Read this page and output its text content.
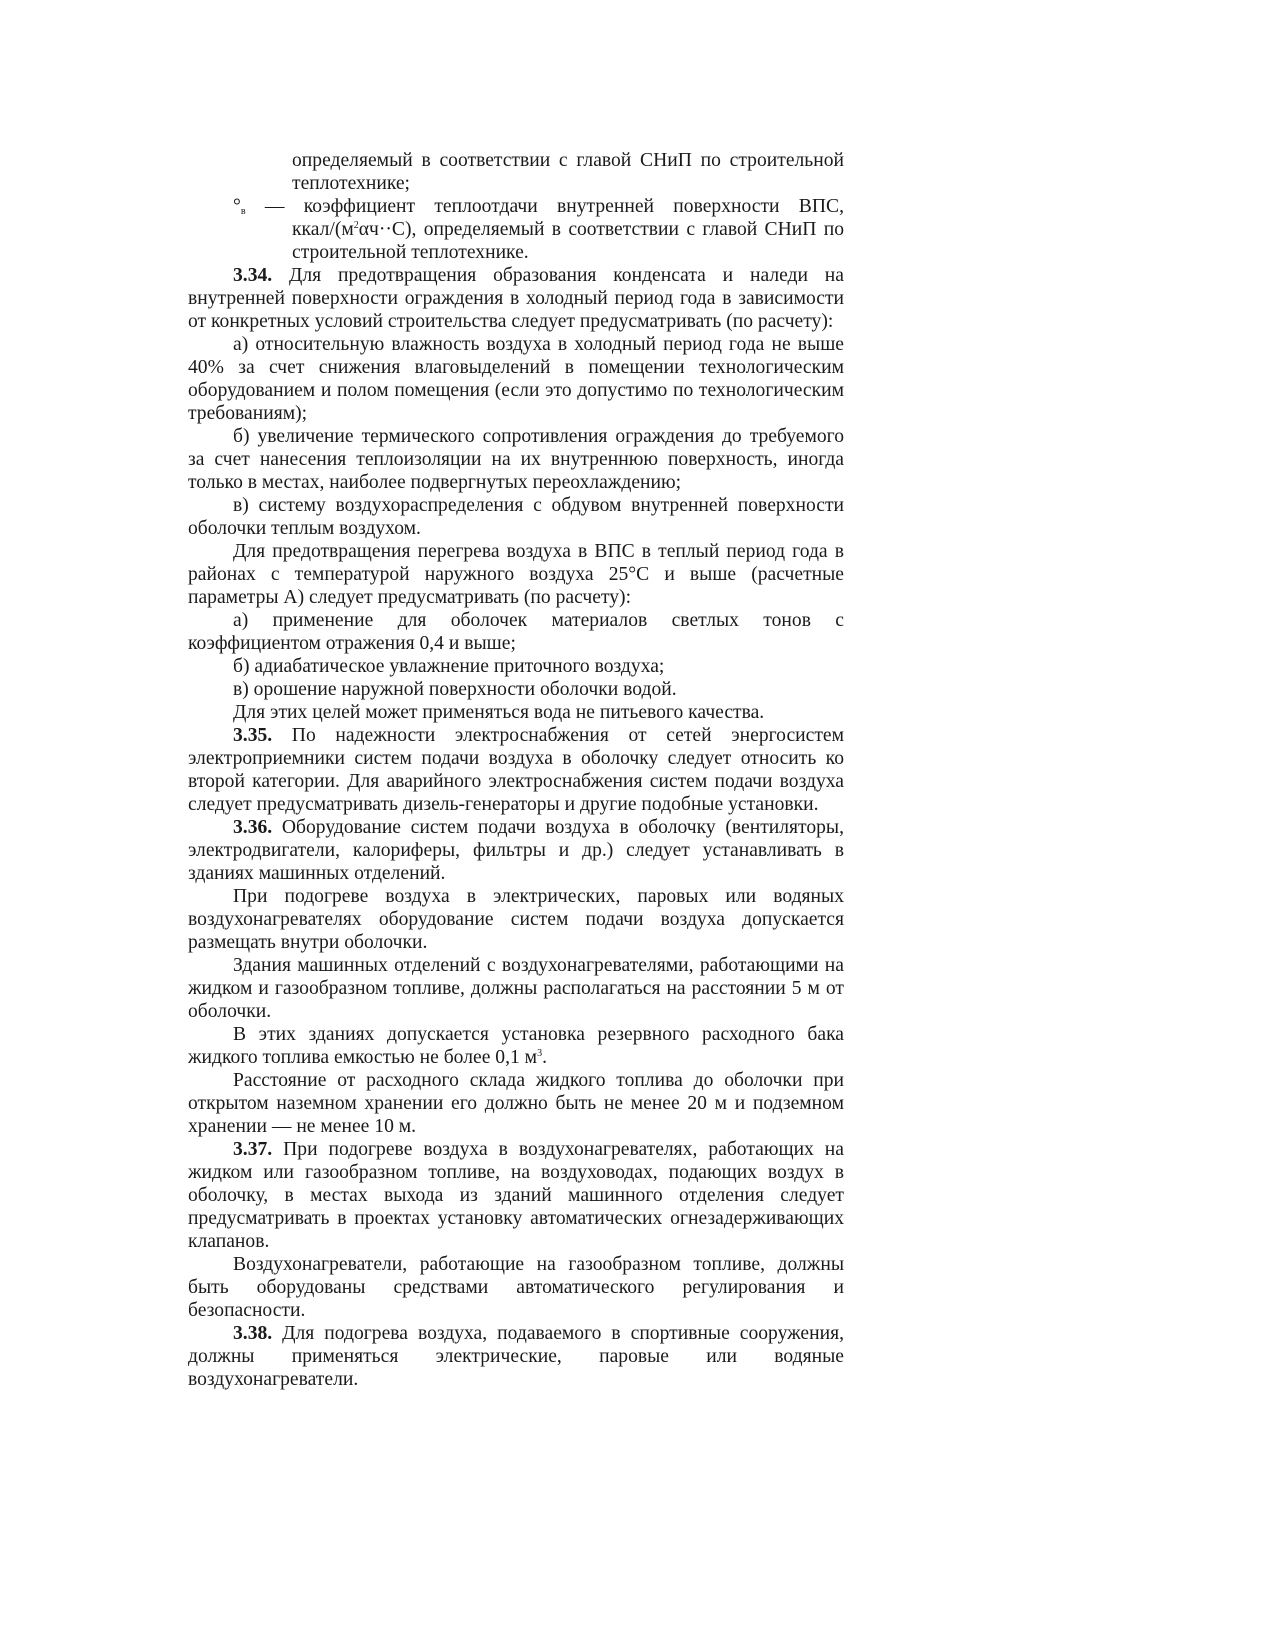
определяемый в соответствии с главой СНиП по строительной теплотехнике;

$^\circ_в$ — коэффициент теплоотдачи внутренней поверхности ВПС, ккал/$(м^2\alpha ч\cdot\cdot С)$, определяемый в соответствии с главой СНиП по строительной теплотехнике.

3.34. Для предотвращения образования конденсата и наледи на внутренней поверхности ограждения в холодный период года в зависимости от конкретных условий строительства следует предусматривать (по расчету):

а) относительную влажность воздуха в холодный период года не выше 40% за счет снижения влаговыделений в помещении технологическим оборудованием и полом помещения (если это допустимо по технологическим требованиям);

б) увеличение термического сопротивления ограждения до требуемого за счет нанесения теплоизоляции на их внутреннюю поверхность, иногда только в местах, наиболее подвергнутых переохлаждению;

в) систему воздухораспределения с обдувом внутренней поверхности оболочки теплым воздухом.

Для предотвращения перегрева воздуха в ВПС в теплый период года в районах с температурой наружного воздуха 25°С и выше (расчетные параметры А) следует предусматривать (по расчету):

а) применение для оболочек материалов светлых тонов с коэффициентом отражения 0,4 и выше;

б) адиабатическое увлажнение приточного воздуха;

в) орошение наружной поверхности оболочки водой.

Для этих целей может применяться вода не питьевого качества.

3.35. По надежности электроснабжения от сетей энергосистем электроприемники систем подачи воздуха в оболочку следует относить ко второй категории. Для аварийного электроснабжения систем подачи воздуха следует предусматривать дизель-генераторы и другие подобные установки.

3.36. Оборудование систем подачи воздуха в оболочку (вентиляторы, электродвигатели, калориферы, фильтры и др.) следует устанавливать в зданиях машинных отделений.

При подогреве воздуха в электрических, паровых или водяных воздухонагревателях оборудование систем подачи воздуха допускается размещать внутри оболочки.

Здания машинных отделений с воздухонагревателями, работающими на жидком и газообразном топливе, должны располагаться на расстоянии 5 м от оболочки.

В этих зданиях допускается установка резервного расходного бака жидкого топлива емкостью не более 0,1 $м^3$.

Расстояние от расходного склада жидкого топлива до оболочки при открытом наземном хранении его должно быть не менее 20 м и подземном хранении — не менее 10 м.

3.37. При подогреве воздуха в воздухонагревателях, работающих на жидком или газообразном топливе, на воздуховодах, подающих воздух в оболочку, в местах выхода из зданий машинного отделения следует предусматривать в проектах установку автоматических огнезадерживающих клапанов.

Воздухонагреватели, работающие на газообразном топливе, должны быть оборудованы средствами автоматического регулирования и безопасности.

3.38. Для подогрева воздуха, подаваемого в спортивные сооружения, должны применяться электрические, паровые или водяные воздухонагреватели.
